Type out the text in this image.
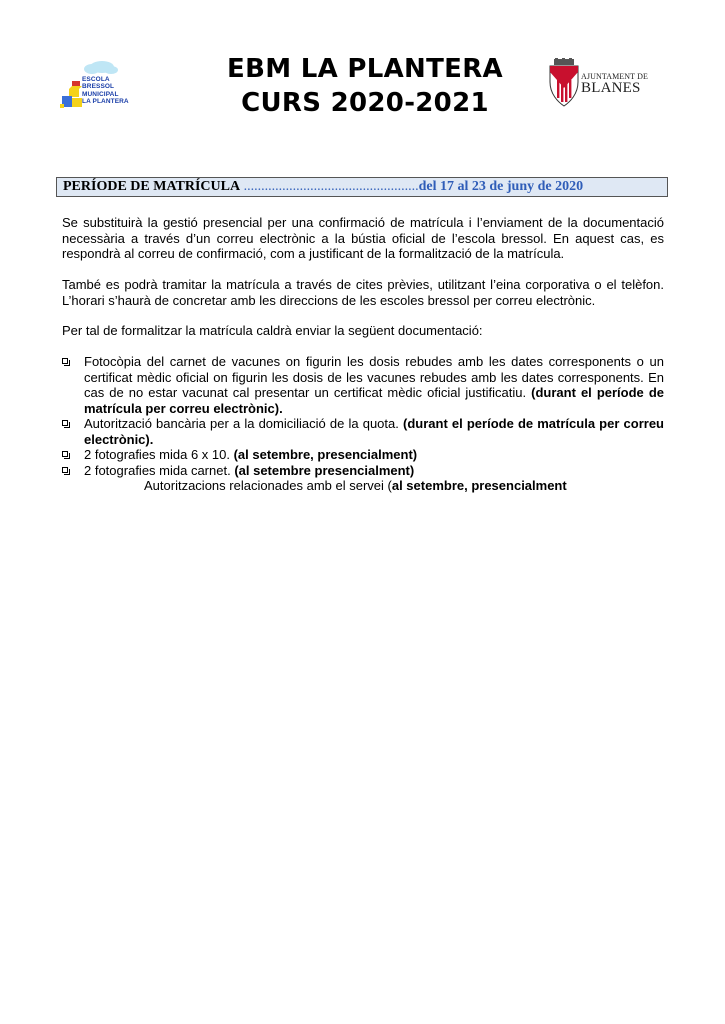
ESCOLA
BRESSOL
MUNICIPAL
LA PLANTERA
EBM LA PLANTERA
CURS 2020-2021
AJUNTAMENT DE
BLANES
PERÍODE DE MATRÍCULA ..................................................del 17 al 23 de juny de 2020
Se substituirà la gestió presencial per una confirmació de matrícula i l’enviament de la documentació necessària a través d’un correu electrònic a la bústia oficial de l’escola bressol. En aquest cas, es respondrà al correu de confirmació, com a justificant de la formalització de la matrícula.
També es podrà tramitar la matrícula a través de cites prèvies, utilitzant l’eina corporativa o el telèfon. L’horari s’haurà de concretar amb les direccions de les escoles bressol per correu electrònic.
Per tal de formalitzar la matrícula caldrà enviar la següent documentació:
Fotocòpia del carnet de vacunes on figurin les dosis rebudes amb les dates corresponents o un certificat mèdic oficial on figurin les dosis de les vacunes rebudes amb les dates corresponents. En cas de no estar vacunat cal presentar un certificat mèdic oficial justificatiu. (durant el període de matrícula per correu electrònic).
Autorització bancària per a la domiciliació de la quota. (durant el període de matrícula per correu electrònic).
2 fotografies mida 6 x 10. (al setembre, presencialment)
2 fotografies mida carnet. (al setembre presencialment)
Autoritzacions relacionades amb el servei (al setembre, presencialment
